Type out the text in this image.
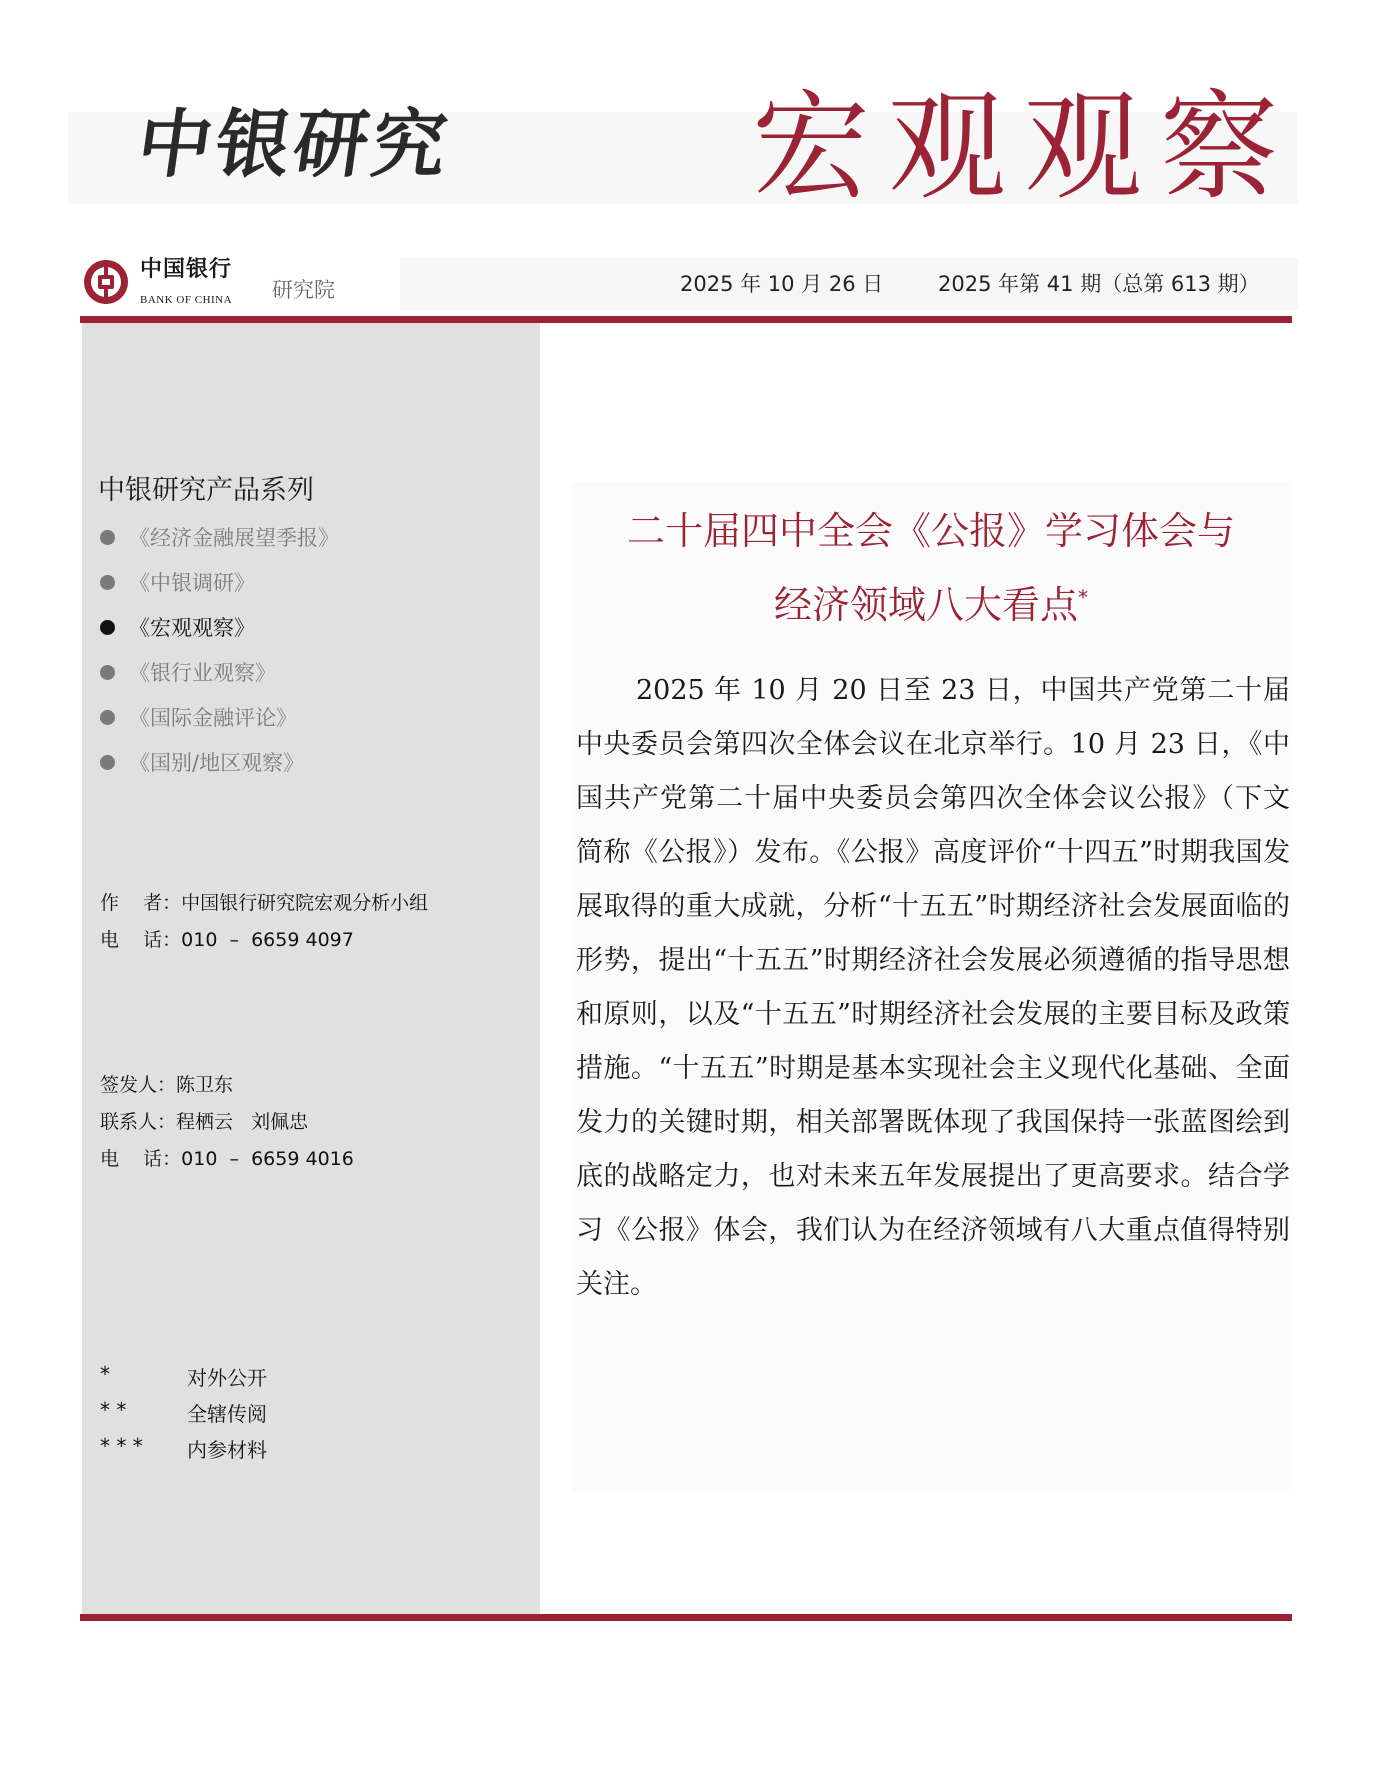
中银研究	宏观观察
中国银行
BANK OF CHINA 研究院	2025 年 10 月 26 日	2025 年第 41 期（总第 613 期）
中银研究产品系列
《经济金融展望季报》
《中银调研》
《宏观观察》
《银行业观察》
《国际金融评论》
《国别/地区观察》
作    者：中国银行研究院宏观分析小组
电    话：010  –  6659 4097
签发人：陈卫东
联系人：程栖云   刘佩忠
电    话：010  –  6659 4016
*	对外公开
* *	全辖传阅
* * * 内参材料
二十届四中全会《公报》学习体会与
经济领域八大看点*

2025 年 10 月 20 日至 23 日，中国共产党第二十届中央委员会第四次全体会议在北京举行。10 月 23 日，《中国共产党第二十届中央委员会第四次全体会议公报》（下文简称《公报》）发布。《公报》高度评价“十四五”时期我国发展取得的重大成就，分析“十五五”时期经济社会发展面临的形势，提出“十五五”时期经济社会发展必须遵循的指导思想和原则，以及“十五五”时期经济社会发展的主要目标及政策措施。“十五五”时期是基本实现社会主义现代化基础、全面发力的关键时期，相关部署既体现了我国保持一张蓝图绘到底的战略定力，也对未来五年发展提出了更高要求。结合学习《公报》体会，我们认为在经济领域有八大重点值得特别关注。
